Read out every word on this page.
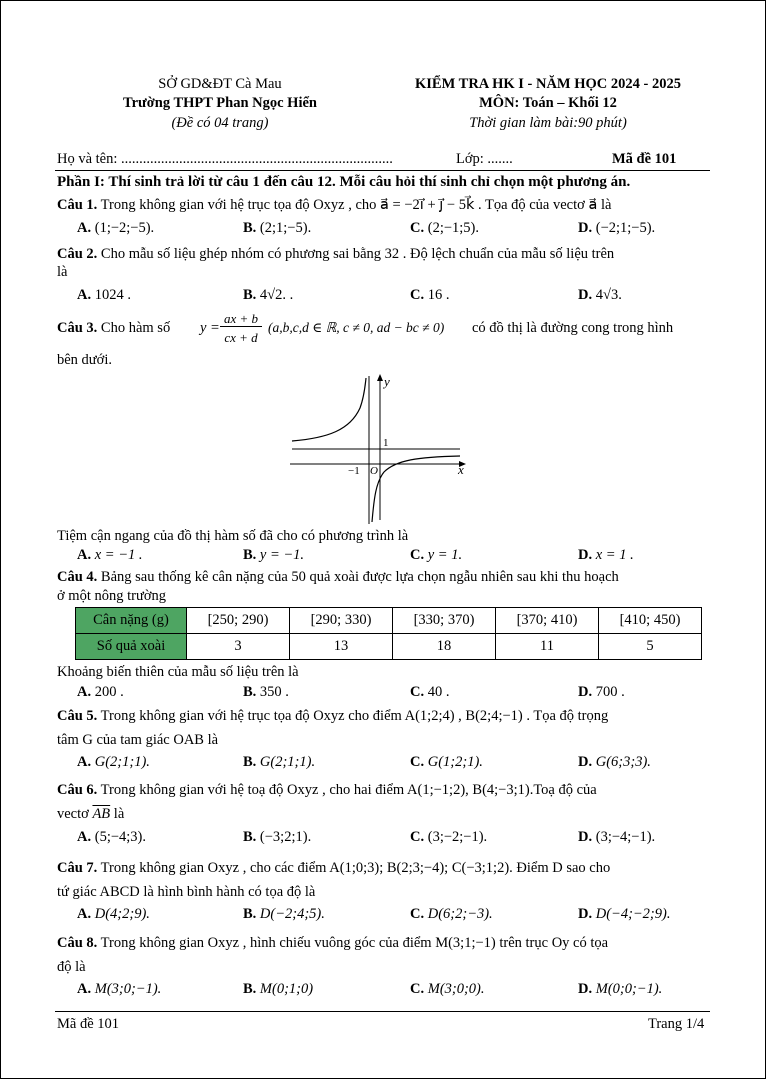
SỞ GD&ĐT Cà Mau
Trường THPT Phan Ngọc Hiển
(Đề có 04 trang)
KIỂM TRA HK I - NĂM HỌC 2024 - 2025
MÔN: Toán – Khối 12
Thời gian làm bài:90 phút)
Họ và tên: ...........................................................................	Lớp: .......	Mã đề 101
Phần I: Thí sinh trả lời từ câu 1 đến câu 12. Mỗi câu hỏi thí sinh chỉ chọn một phương án.
Câu 1. Trong không gian với hệ trục tọa độ Oxyz , cho a⃗ = −2i⃗ + j⃗ − 5k⃗ . Tọa độ của vectơ a⃗ là
A. (1;−2;−5).	B. (2;1;−5).	C. (2;−1;5).	D. (−2;1;−5).
Câu 2. Cho mẫu số liệu ghép nhóm có phương sai bằng 32 . Độ lệch chuẩn của mẫu số liệu trên
là
A. 1024 .	B. 4√2. .	C. 16 .	D. 4√3.
Câu 3. Cho hàm số y =
ax + b
cx + d
(a,b,c,d ∈ ℝ, c ≠ 0, ad − bc ≠ 0) có đồ thị là đường cong trong hình
bên dưới.
y
x
1
−1 O
Tiệm cận ngang của đồ thị hàm số đã cho có phương trình là
A. x = −1 .	B. y = −1.	C. y = 1.	D. x = 1 .
Câu 4. Bảng sau thống kê cân nặng của 50 quả xoài được lựa chọn ngẫu nhiên sau khi thu hoạch
ở một nông trường
Cân nặng (g)	[250; 290)	[290; 330)	[330; 370)	[370; 410)	[410; 450)
Số quả xoài	3	13	18	11	5
Khoảng biến thiên của mẫu số liệu trên là
A. 200 .	B. 350 .	C. 40 .	D. 700 .
Câu 5. Trong không gian với hệ trục tọa độ Oxyz cho điểm A(1;2;4) , B(2;4;−1) . Tọa độ trọng
tâm G của tam giác OAB là
A. G(2;1;1).	B. G(2;1;1).	C. G(1;2;1).	D. G(6;3;3).
Câu 6. Trong không gian với hệ toạ độ Oxyz , cho hai điểm A(1;−1;2), B(4;−3;1).Toạ độ của
vectơ $\overline{AB}$ là
A. (5;−4;3).	B. (−3;2;1).	C. (3;−2;−1).	D. (3;−4;−1).
Câu 7. Trong không gian Oxyz , cho các điểm A(1;0;3); B(2;3;−4); C(−3;1;2). Điểm D sao cho
tứ giác ABCD là hình bình hành có tọa độ là
A. D(4;2;9).	B. D(−2;4;5).	C. D(6;2;−3).	D. D(−4;−2;9).
Câu 8. Trong không gian Oxyz , hình chiếu vuông góc của điểm M(3;1;−1) trên trục Oy có tọa
độ là
A. M(3;0;−1).	B. M(0;1;0)	C. M(3;0;0).	D. M(0;0;−1).
Mã đề 101	Trang 1/4
